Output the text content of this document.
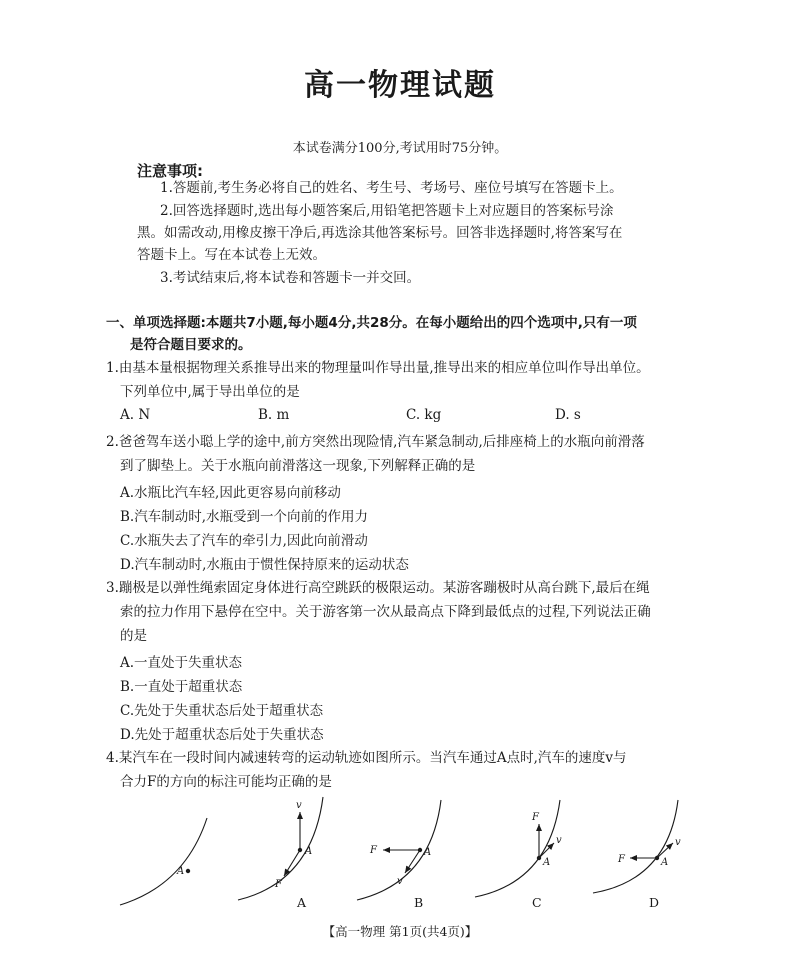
高一物理试题
本试卷满分100分,考试用时75分钟。
注意事项:
1.答题前,考生务必将自己的姓名、考生号、考场号、座位号填写在答题卡上。
2.回答选择题时,选出每小题答案后,用铅笔把答题卡上对应题目的答案标号涂
黑。如需改动,用橡皮擦干净后,再选涂其他答案标号。回答非选择题时,将答案写在
答题卡上。写在本试卷上无效。
3.考试结束后,将本试卷和答题卡一并交回。
一、单项选择题:本题共7小题,每小题4分,共28分。在每小题给出的四个选项中,只有一项
是符合题目要求的。
1.由基本量根据物理关系推导出来的物理量叫作导出量,推导出来的相应单位叫作导出单位。
下列单位中,属于导出单位的是
A. N	B. m	C. kg	D. s
2.爸爸驾车送小聪上学的途中,前方突然出现险情,汽车紧急制动,后排座椅上的水瓶向前滑落
到了脚垫上。关于水瓶向前滑落这一现象,下列解释正确的是
A.水瓶比汽车轻,因此更容易向前移动
B.汽车制动时,水瓶受到一个向前的作用力
C.水瓶失去了汽车的牵引力,因此向前滑动
D.汽车制动时,水瓶由于惯性保持原来的运动状态
3.蹦极是以弹性绳索固定身体进行高空跳跃的极限运动。某游客蹦极时从高台跳下,最后在绳
索的拉力作用下悬停在空中。关于游客第一次从最高点下降到最低点的过程,下列说法正确
的是
A.一直处于失重状态
B.一直处于超重状态
C.先处于失重状态后处于超重状态
D.先处于超重状态后处于失重状态
4.某汽车在一段时间内减速转弯的运动轨迹如图所示。当汽车通过A点时,汽车的速度v与
合力F的方向的标注可能均正确的是
A
v
A
F
F	A
v
F
v
A	F	A
v
A	B	C	D
【高一物理 第1页(共4页)】
